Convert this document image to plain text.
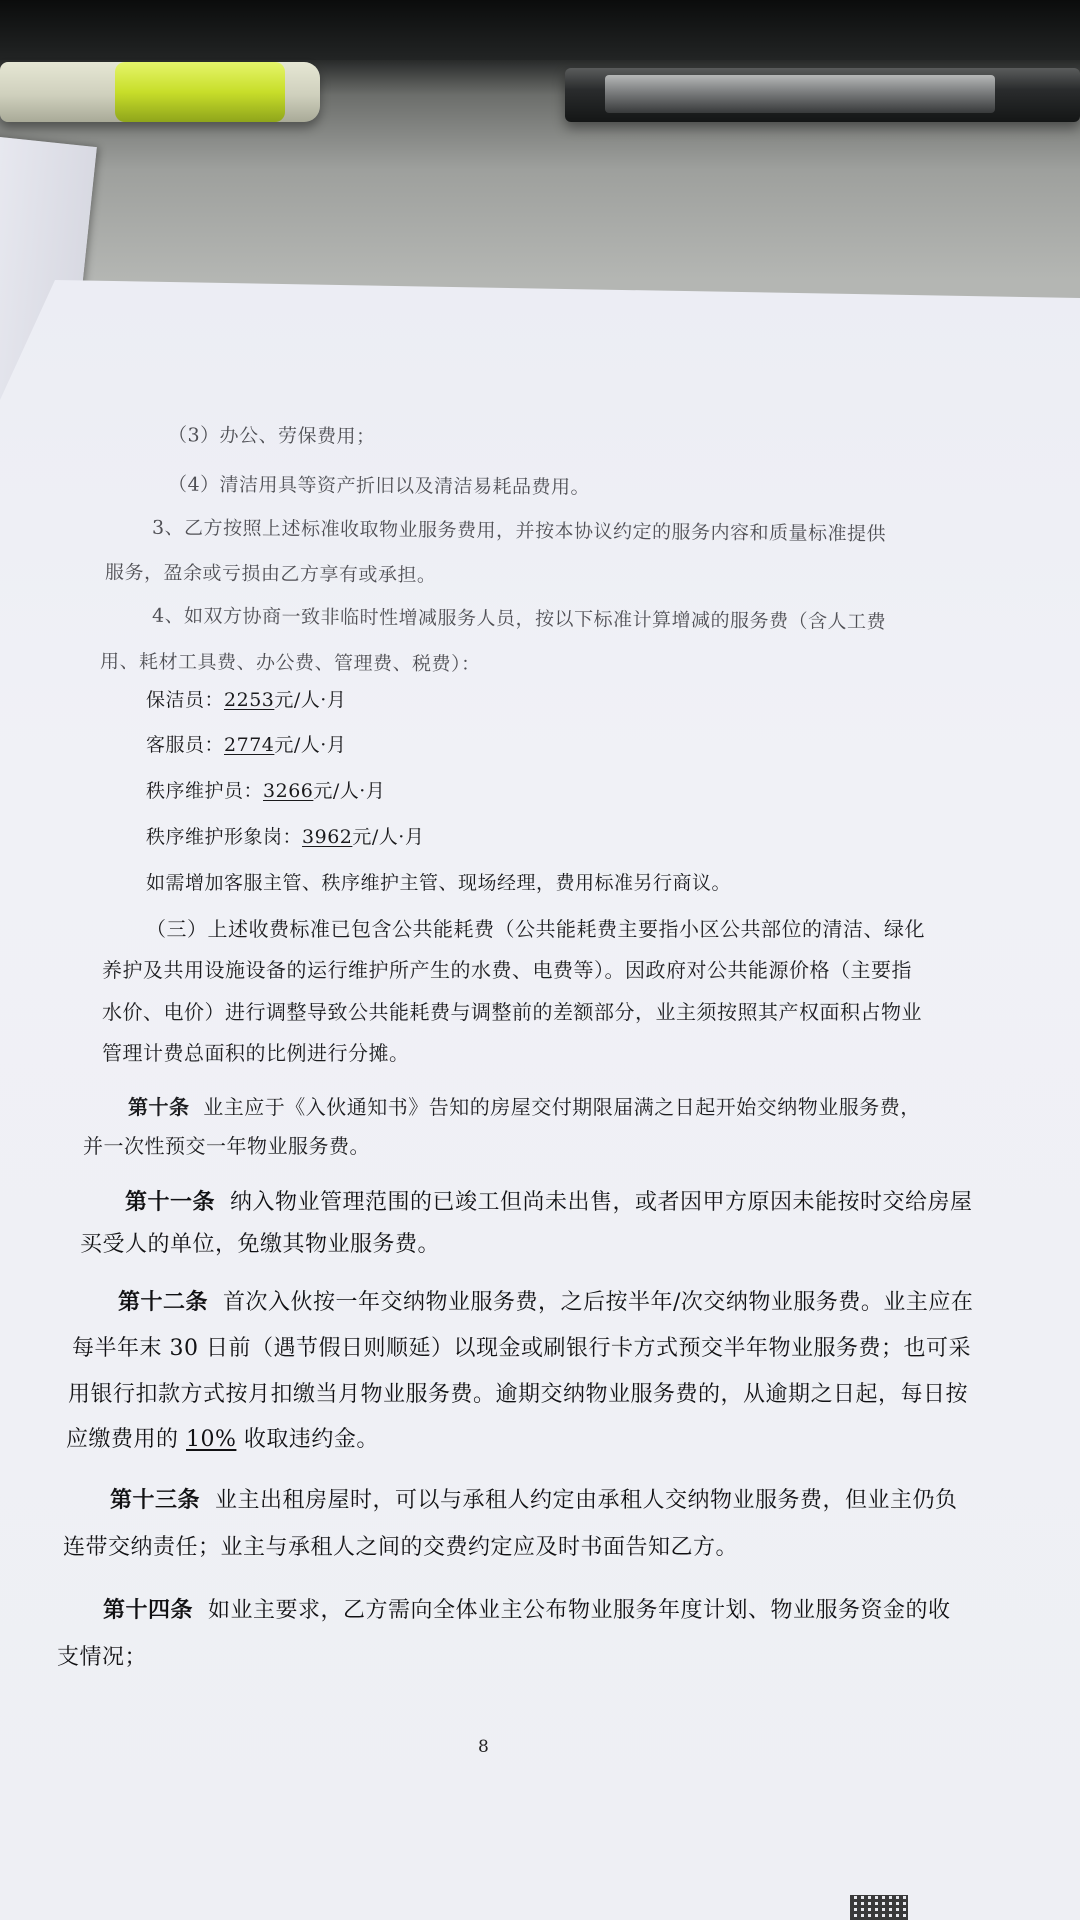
（3）办公、劳保费用；
（4）清洁用具等资产折旧以及清洁易耗品费用。
3、乙方按照上述标准收取物业服务费用，并按本协议约定的服务内容和质量标准提供
服务，盈余或亏损由乙方享有或承担。
4、如双方协商一致非临时性增减服务人员，按以下标准计算增减的服务费（含人工费
用、耗材工具费、办公费、管理费、税费）：
保洁员：2253元/人·月
客服员：2774元/人·月
秩序维护员：3266元/人·月
秩序维护形象岗：3962元/人·月
如需增加客服主管、秩序维护主管、现场经理，费用标准另行商议。
（三）上述收费标准已包含公共能耗费（公共能耗费主要指小区公共部位的清洁、绿化
养护及共用设施设备的运行维护所产生的水费、电费等）。因政府对公共能源价格（主要指
水价、电价）进行调整导致公共能耗费与调整前的差额部分，业主须按照其产权面积占物业
管理计费总面积的比例进行分摊。
第十条 业主应于《入伙通知书》告知的房屋交付期限届满之日起开始交纳物业服务费，
并一次性预交一年物业服务费。
第十一条 纳入物业管理范围的已竣工但尚未出售，或者因甲方原因未能按时交给房屋
买受人的单位，免缴其物业服务费。
第十二条 首次入伙按一年交纳物业服务费，之后按半年/次交纳物业服务费。业主应在
每半年末 30 日前（遇节假日则顺延）以现金或刷银行卡方式预交半年物业服务费；也可采
用银行扣款方式按月扣缴当月物业服务费。逾期交纳物业服务费的，从逾期之日起，每日按
应缴费用的 10% 收取违约金。
第十三条 业主出租房屋时，可以与承租人约定由承租人交纳物业服务费，但业主仍负
连带交纳责任；业主与承租人之间的交费约定应及时书面告知乙方。
第十四条 如业主要求，乙方需向全体业主公布物业服务年度计划、物业服务资金的收
支情况；
8
